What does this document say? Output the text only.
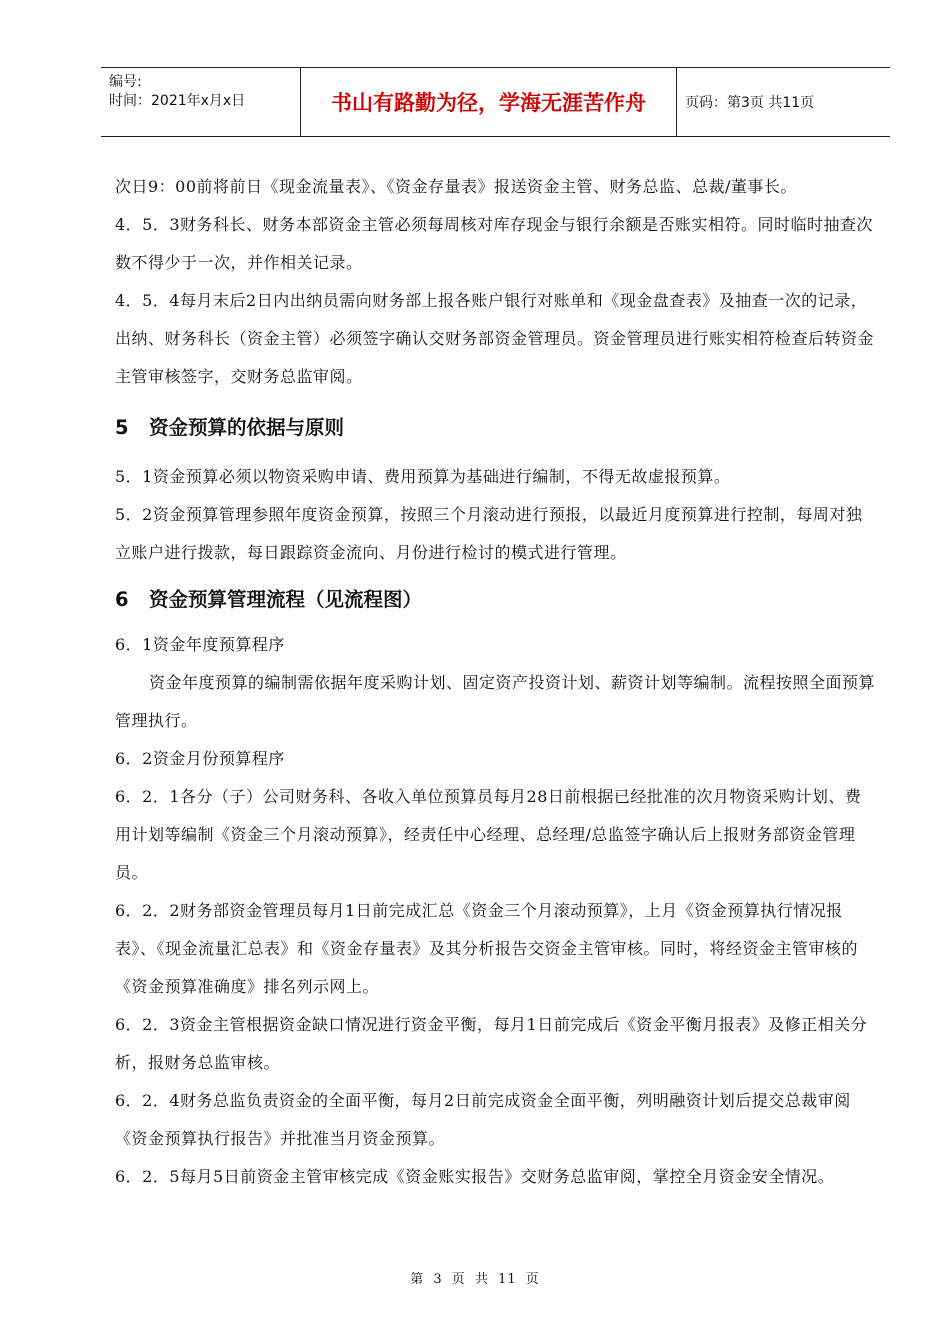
编号:
时间：2021年x月x日	书山有路勤为径，学海无涯苦作舟	页码：第3页 共11页

次日9：00前将前日《现金流量表》、《资金存量表》报送资金主管、财务总监、总裁/董事长。

4．5．3财务科长、财务本部资金主管必须每周核对库存现金与银行余额是否账实相符。同时临时抽查次数不得少于一次，并作相关记录。

4．5．4每月末后2日内出纳员需向财务部上报各账户银行对账单和《现金盘查表》及抽查一次的记录，出纳、财务科长（资金主管）必须签字确认交财务部资金管理员。资金管理员进行账实相符检查后转资金主管审核签字，交财务总监审阅。

5 资金预算的依据与原则

5．1资金预算必须以物资采购申请、费用预算为基础进行编制，不得无故虚报预算。

5．2资金预算管理参照年度资金预算，按照三个月滚动进行预报，以最近月度预算进行控制，每周对独立账户进行拨款，每日跟踪资金流向、月份进行检讨的模式进行管理。

6 资金预算管理流程（见流程图）

6．1资金年度预算程序

资金年度预算的编制需依据年度采购计划、固定资产投资计划、薪资计划等编制。流程按照全面预算管理执行。

6．2资金月份预算程序

6．2．1各分（子）公司财务科、各收入单位预算员每月28日前根据已经批准的次月物资采购计划、费用计划等编制《资金三个月滚动预算》，经责任中心经理、总经理/总监签字确认后上报财务部资金管理员。

6．2．2财务部资金管理员每月1日前完成汇总《资金三个月滚动预算》，上月《资金预算执行情况报表》、《现金流量汇总表》和《资金存量表》及其分析报告交资金主管审核。同时，将经资金主管审核的《资金预算准确度》排名列示网上。

6．2．3资金主管根据资金缺口情况进行资金平衡，每月1日前完成后《资金平衡月报表》及修正相关分析，报财务总监审核。

6．2．4财务总监负责资金的全面平衡，每月2日前完成资金全面平衡，列明融资计划后提交总裁审阅《资金预算执行报告》并批准当月资金预算。

6．2．5每月5日前资金主管审核完成《资金账实报告》交财务总监审阅，掌控全月资金安全情况。

第 3 页 共 11 页
